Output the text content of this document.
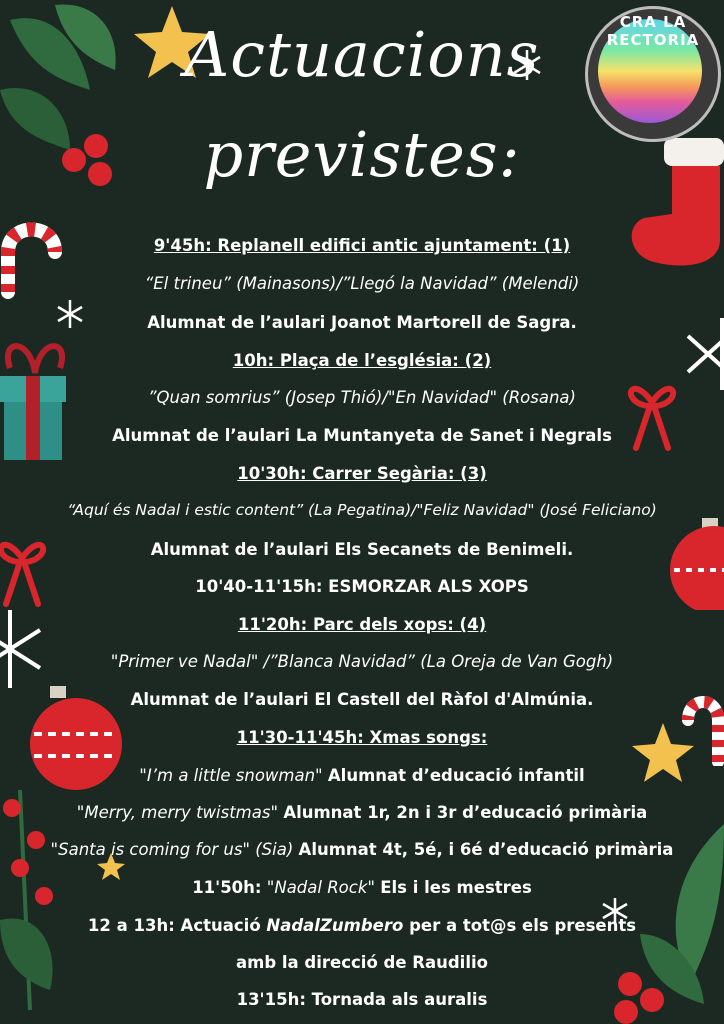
CRA LA RECTORIA
Actuacions
previstes:
9'45h: Replanell edifici antic ajuntament: (1)
“El trineu” (Mainasons)/”Llegó la Navidad” (Melendi)
Alumnat de l’aulari Joanot Martorell de Sagra.
10h: Plaça de l’església: (2)
”Quan somrius” (Josep Thió)/"En Navidad" (Rosana)
Alumnat de l’aulari La Muntanyeta de Sanet i Negrals
10'30h: Carrer Segària: (3)
“Aquí és Nadal i estic content” (La Pegatina)/"Feliz Navidad" (José Feliciano)
Alumnat de l’aulari Els Secanets de Benimeli.
10'40-11'15h: ESMORZAR ALS XOPS
11'20h: Parc dels xops: (4)
"Primer ve Nadal" /”Blanca Navidad” (La Oreja de Van Gogh)
Alumnat de l’aulari El Castell del Ràfol d'Almúnia.
11'30-11'45h: Xmas songs:
"I’m a little snowman" Alumnat d’educació infantil
"Merry, merry twistmas" Alumnat 1r, 2n i 3r d’educació primària
"Santa is coming for us" (Sia) Alumnat 4t, 5é, i 6é d’educació primària
11'50h: "Nadal Rock" Els i les mestres
12 a 13h: Actuació NadalZumbero per a tot@s els presents
amb la direcció de Raudilio
13'15h: Tornada als auralis
